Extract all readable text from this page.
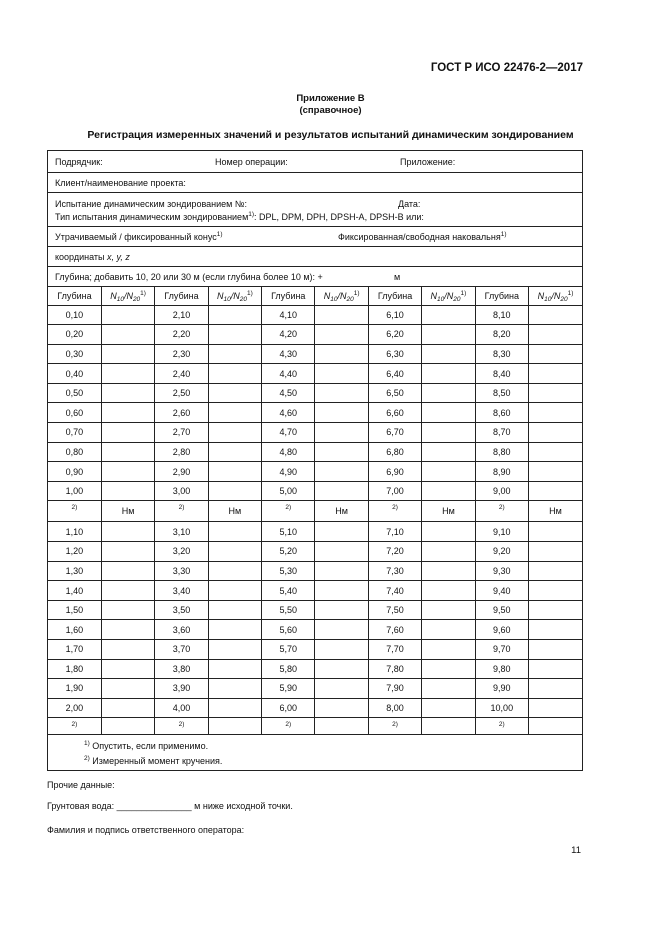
ГОСТ Р ИСО 22476-2—2017
Приложение В
(справочное)
Регистрация измеренных значений и результатов испытаний динамическим зондированием
Подрядчик:	Номер операции:	Приложение:
Клиент/наименование проекта:
Испытание динамическим зондированием №:	Дата:
Тип испытания динамическим зондированием$^{1)}$: DPL, DPM, DPH, DPSH-A, DPSH-B или:
Утрачиваемый / фиксированный конус$^{1)}$	Фиксированная/свободная наковальня$^{1)}$
координаты x, y, z
Глубина; добавить 10, 20 или 30 м (если глубина более 10 м): +	м
Глубина	$N_{10}/N_{20}^{1)}$	Глубина	$N_{10}/N_{20}^{1)}$	Глубина	$N_{10}/N_{20}^{1)}$	Глубина	$N_{10}/N_{20}^{1)}$	Глубина	$N_{10}/N_{20}^{1)}$
0,10		2,10		4,10		6,10		8,10	
0,20		2,20		4,20		6,20		8,20	
0,30		2,30		4,30		6,30		8,30	
0,40		2,40		4,40		6,40		8,40	
0,50		2,50		4,50		6,50		8,50	
0,60		2,60		4,60		6,60		8,60	
0,70		2,70		4,70		6,70		8,70	
0,80		2,80		4,80		6,80		8,80	
0,90		2,90		4,90		6,90		8,90	
1,00		3,00		5,00		7,00		9,00	
2)	Нм	2)	Нм	2)	Нм	2)	Нм	2)	Нм
1,10		3,10		5,10		7,10		9,10	
1,20		3,20		5,20		7,20		9,20	
1,30		3,30		5,30		7,30		9,30	
1,40		3,40		5,40		7,40		9,40	
1,50		3,50		5,50		7,50		9,50	
1,60		3,60		5,60		7,60		9,60	
1,70		3,70		5,70		7,70		9,70	
1,80		3,80		5,80		7,80		9,80	
1,90		3,90		5,90		7,90		9,90	
2,00		4,00		6,00		8,00		10,00	
2)		2)		2)		2)		2)	
$^{1)}$ Опустить, если применимо.
$^{2)}$ Измеренный момент кручения.
Прочие данные:
Грунтовая вода: _______________ м ниже исходной точки.
Фамилия и подпись ответственного оператора:
11
